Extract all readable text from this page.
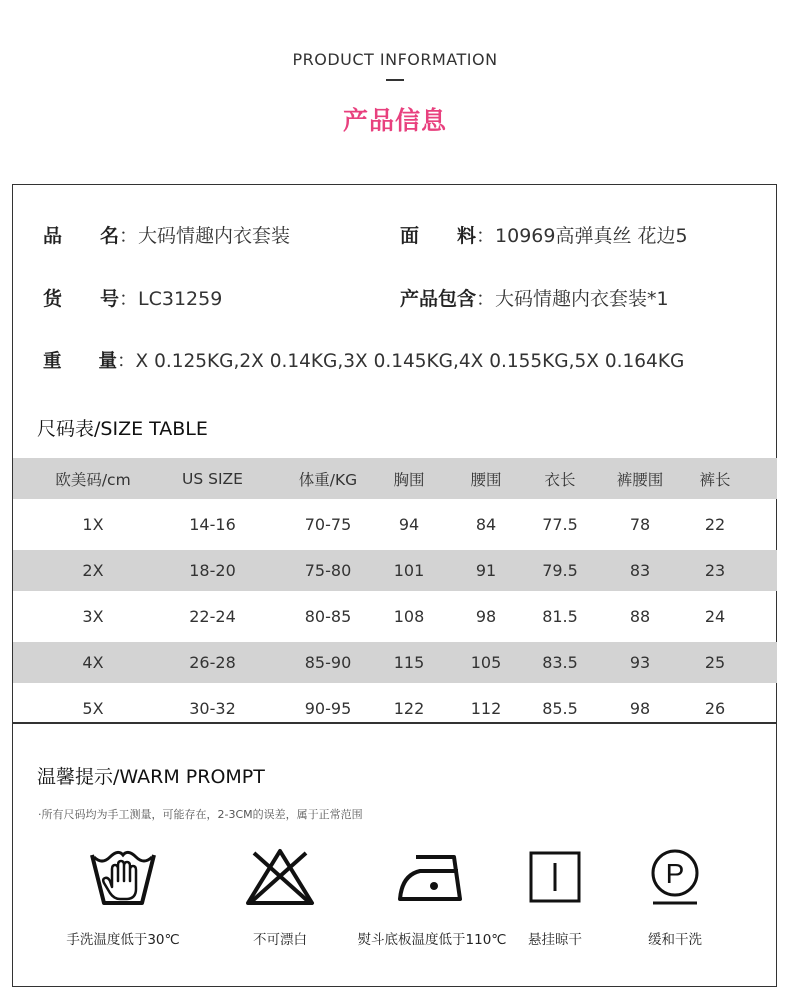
PRODUCT INFORMATION
产品信息
品　　名：大码情趣内衣套装	面　　料：10969高弹真丝 花边5
货　　号：LC31259	产品包含：大码情趣内衣套装*1
重　　量：X 0.125KG,2X 0.14KG,3X 0.145KG,4X 0.155KG,5X 0.164KG
尺码表/SIZE TABLE
欧美码/cm	US SIZE	体重/KG	胸围	腰围	衣长	裤腰围	裤长
1X	14-16	70-75	94	84	77.5	78	22
2X	18-20	75-80	101	91	79.5	83	23
3X	22-24	80-85	108	98	81.5	88	24
4X	26-28	85-90	115	105	83.5	93	25
5X	30-32	90-95	122	112	85.5	98	26
温馨提示/WARM PROMPT
·所有尺码均为手工测量，可能存在，2-3CM的误差，属于正常范围
手洗温度低于30℃	不可漂白	熨斗底板温度低于110℃ 悬挂晾干
P
缓和干洗
